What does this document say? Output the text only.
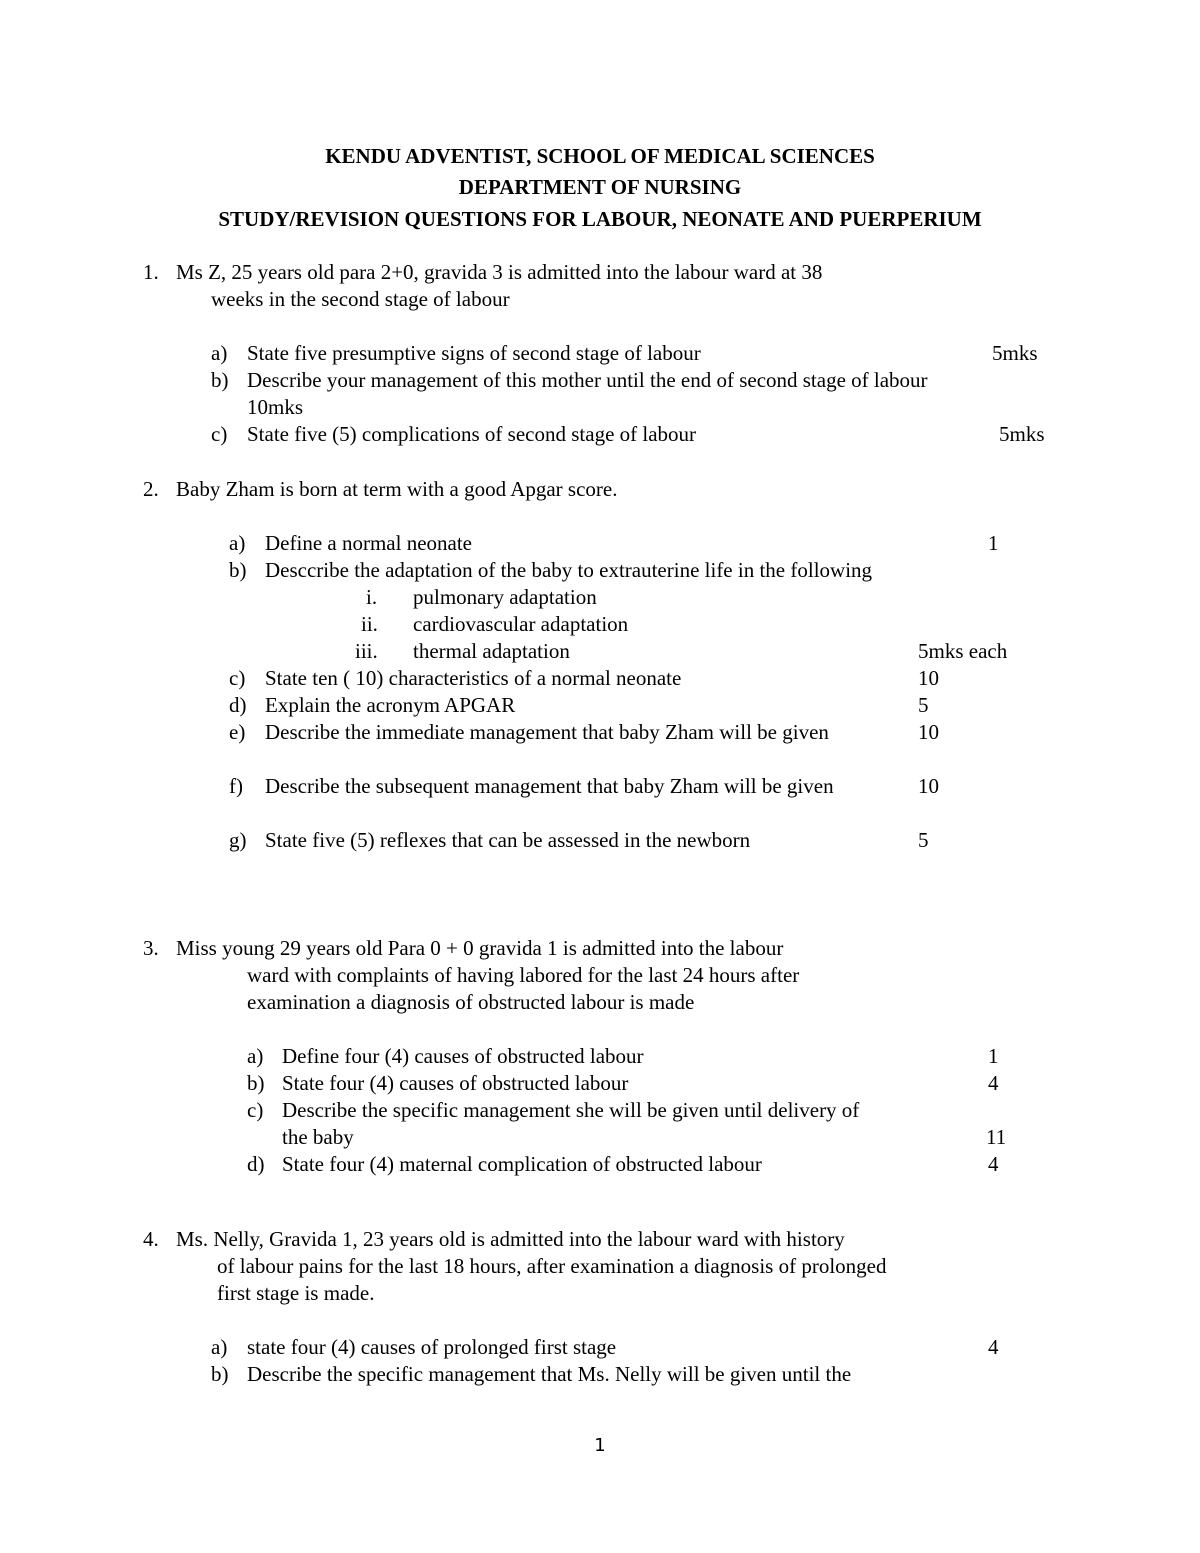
KENDU ADVENTIST, SCHOOL OF MEDICAL SCIENCES
DEPARTMENT OF NURSING
STUDY/REVISION QUESTIONS FOR LABOUR, NEONATE AND PUERPERIUM
1. Ms Z, 25 years old para 2+0, gravida 3 is admitted into the labour ward at 38
weeks in the second stage of labour
a) State five presumptive signs of second stage of labour	5mks
b) Describe your management of this mother until the end of second stage of labour
10mks
c) State five (5) complications of second stage of labour	5mks
2. Baby Zham is born at term with a good Apgar score.
a) Define a normal neonate	1
b) Desccribe the adaptation of the baby to extrauterine life in the following
i. pulmonary adaptation
ii. cardiovascular adaptation
iii. thermal adaptation	5mks each
c) State ten ( 10) characteristics of a normal neonate	10
d) Explain the acronym APGAR	5
e) Describe the immediate management that baby Zham will be given	10
f) Describe the subsequent management that baby Zham will be given	10
g) State five (5) reflexes that can be assessed in the newborn	5
3. Miss young 29 years old Para 0 + 0 gravida 1 is admitted into the labour
ward with complaints of having labored for the last 24 hours after
examination a diagnosis of obstructed labour is made
a) Define four (4) causes of obstructed labour	1
b) State four (4) causes of obstructed labour	4
c) Describe the specific management she will be given until delivery of
the baby	11
d) State four (4) maternal complication of obstructed labour	4
4. Ms. Nelly, Gravida 1, 23 years old is admitted into the labour ward with history
of labour pains for the last 18 hours, after examination a diagnosis of prolonged
first stage is made.
a) state four (4) causes of prolonged first stage	4
b) Describe the specific management that Ms. Nelly will be given until the
1
